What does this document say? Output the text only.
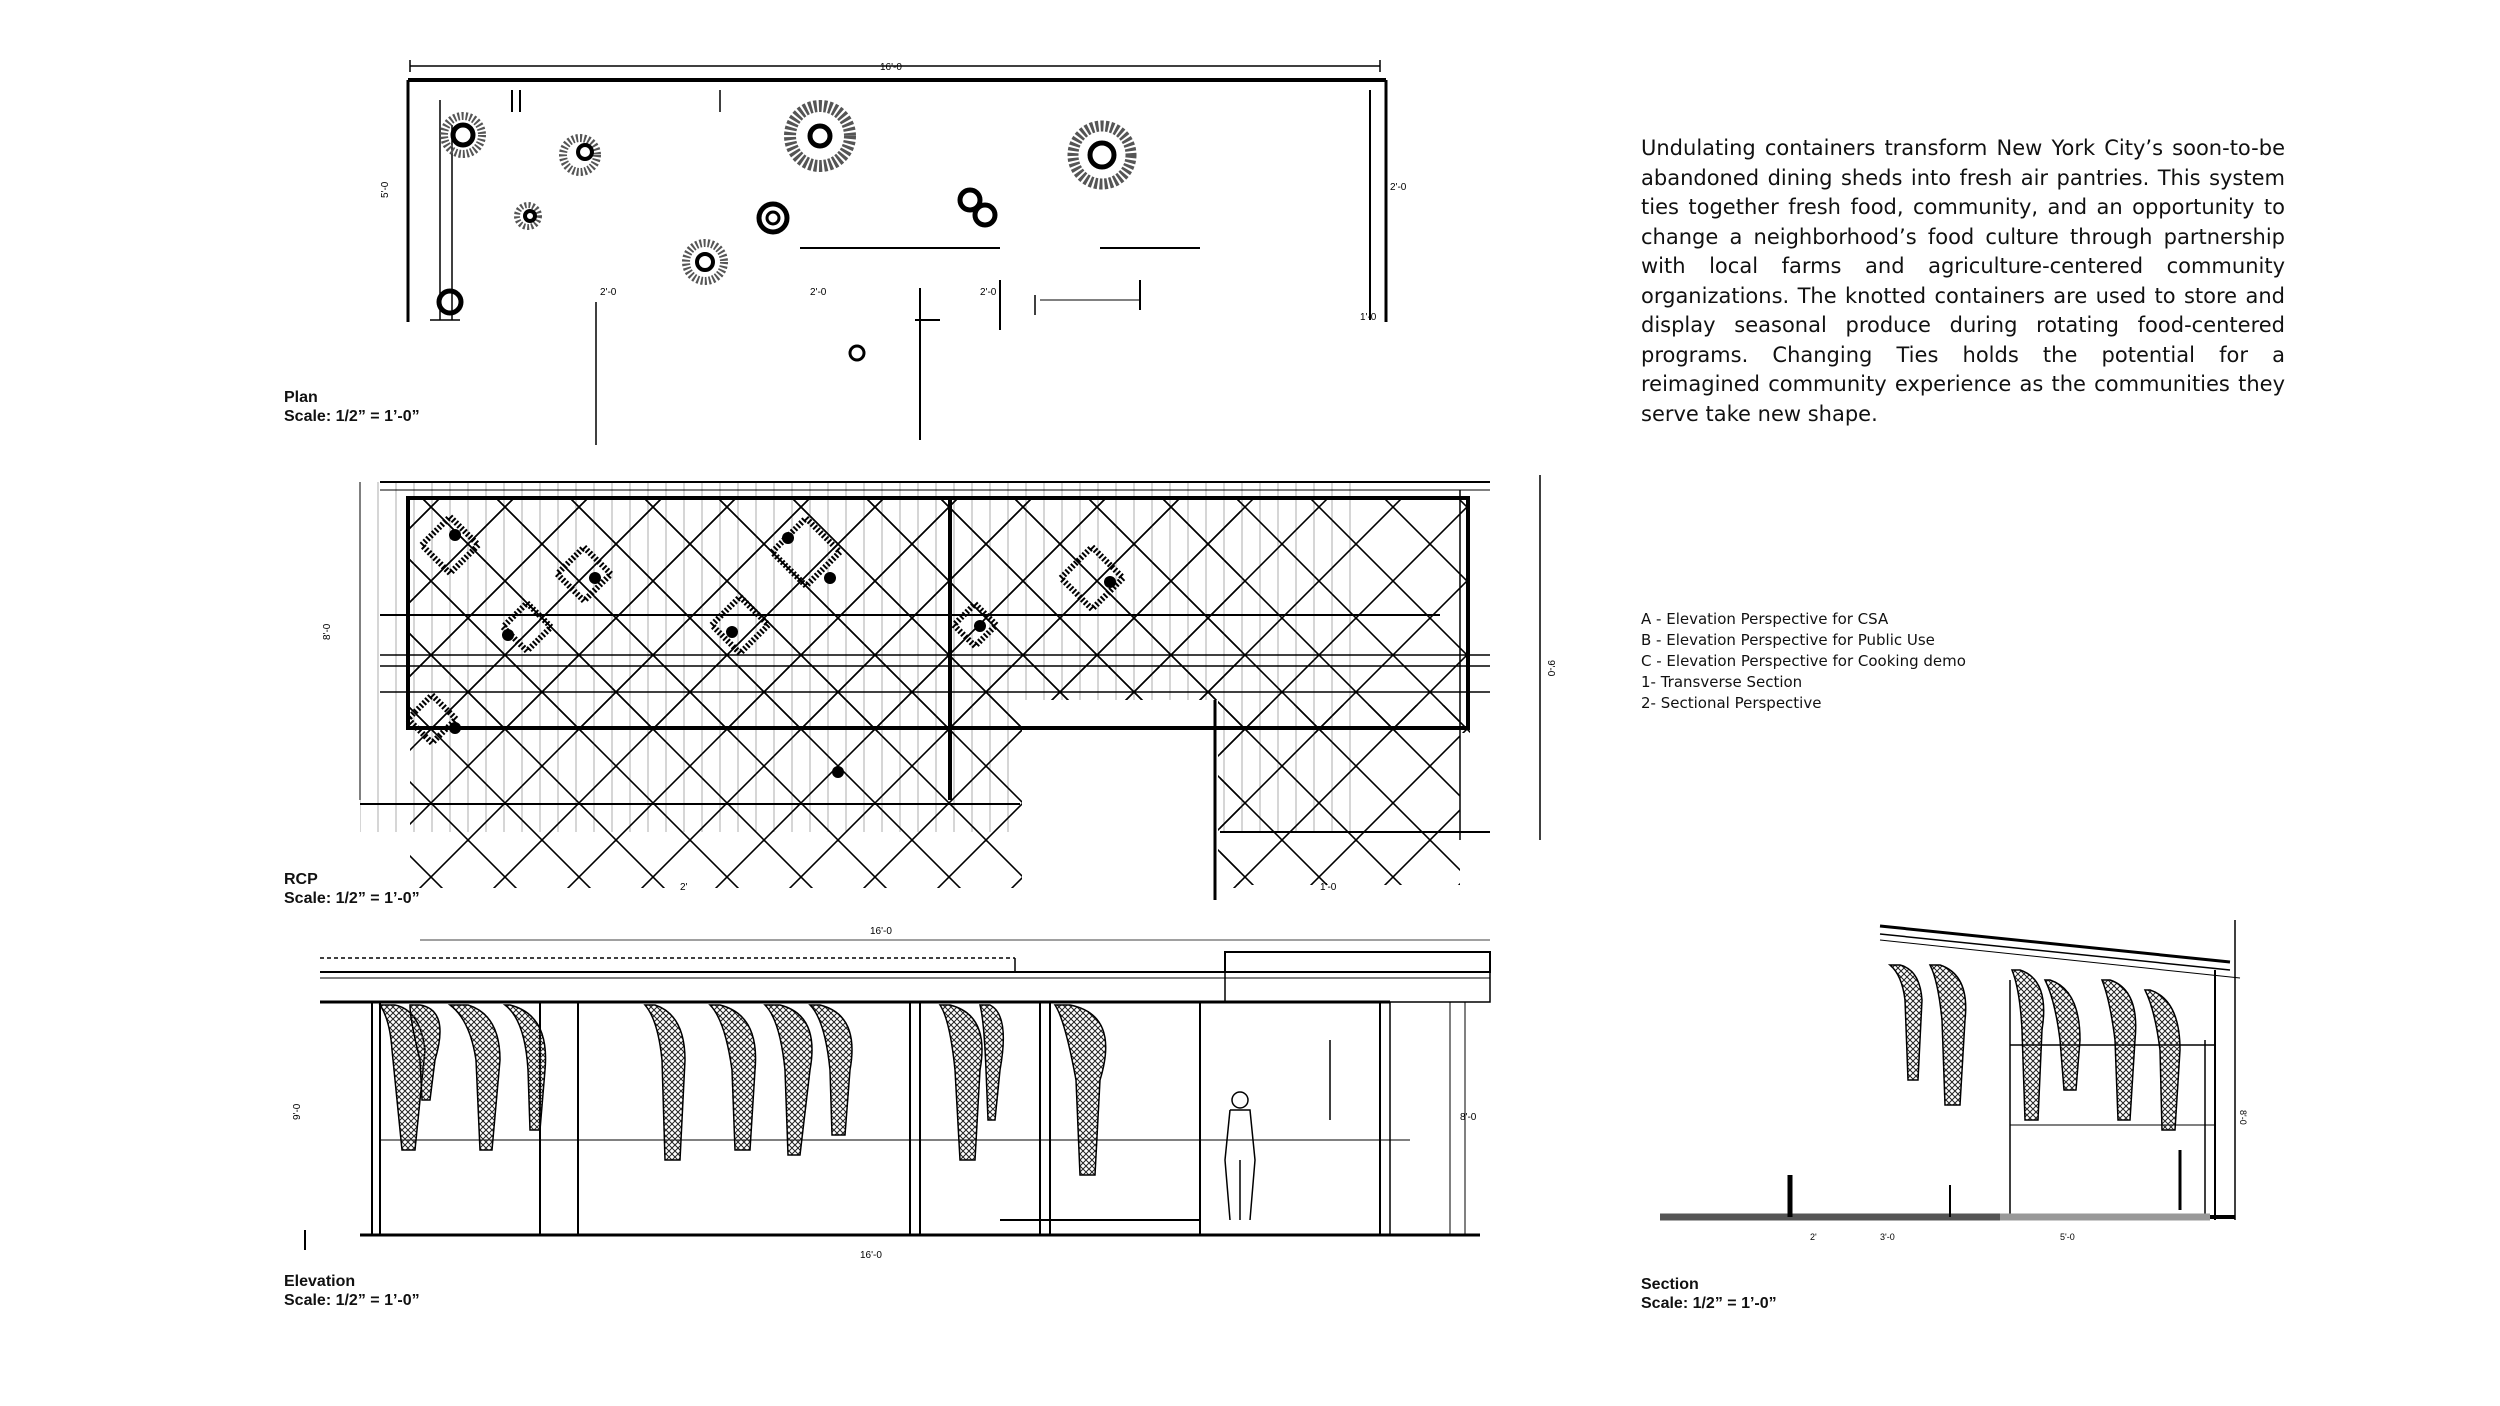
16'-0
5'-0	2'-0
2'-0	2'-0	2'-0
1'-0
Plan
Scale: 1/2” = 1’-0”
8'-0
9'-0
2'	1'-0
RCP
Scale: 1/2” = 1’-0”
16'-0
8'-0
16'-0
9'-0
Elevation
Scale: 1/2” = 1’-0”
2'	3'-0	5'-0
8'-0
Section
Scale: 1/2” = 1’-0”
Undulating containers transform New York City’s soon-to-be abandoned dining sheds into fresh air pantries. This system ties together fresh food, community, and an opportunity to change a neighborhood’s food culture through partnership with local farms and agriculture-centered community organizations. The knotted containers are used to store and display seasonal produce during rotating food-centered programs. Changing Ties holds the potential for a reimagined community experience as the communities they serve take new shape.
A - Elevation Perspective for CSA
B - Elevation Perspective for Public Use
C - Elevation Perspective for Cooking demo
1- Transverse Section
2- Sectional Perspective
